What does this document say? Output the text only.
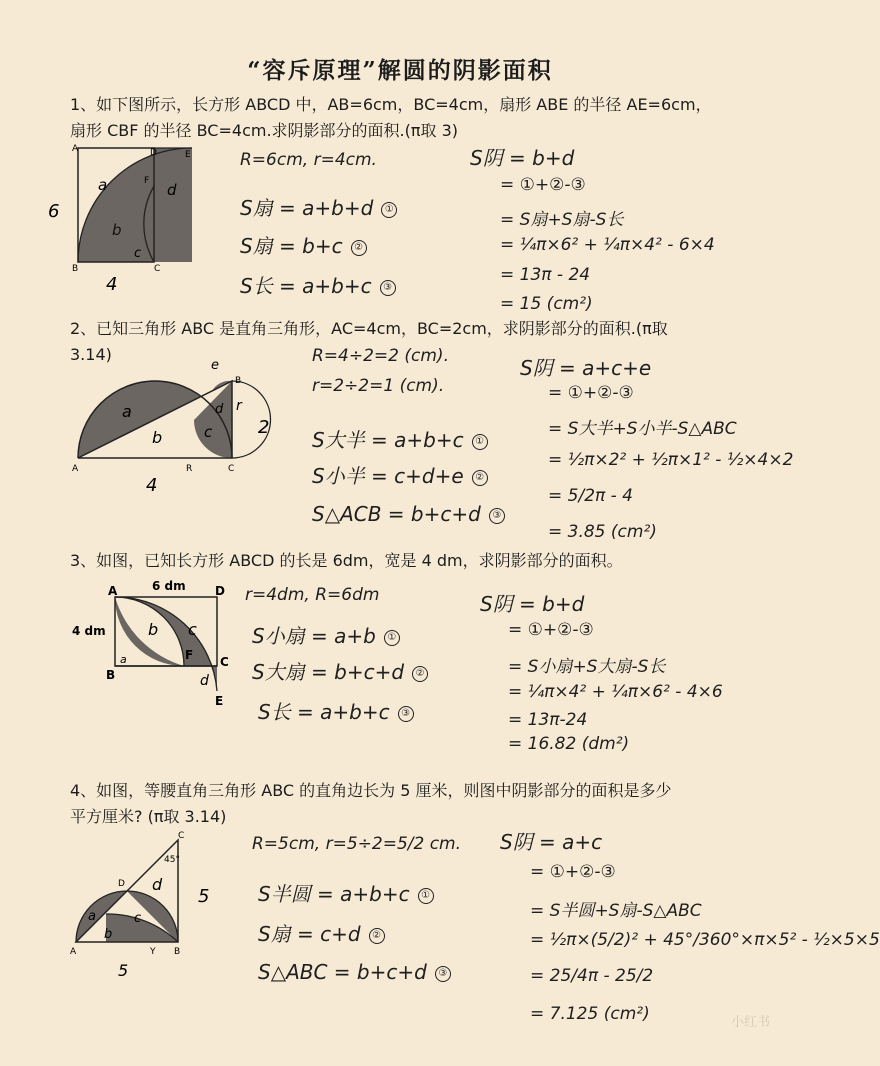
“容斥原理”解圆的阴影面积
1、如下图所示，长方形 ABCD 中，AB=6cm，BC=4cm，扇形 ABE 的半径 AE=6cm，
扇形 CBF 的半径 BC=4cm.求阴影部分的面积.(π取 3)
A	D	E
F
B	C
a
b
c
d
6
4
R=6cm, r=4cm.
S扇 = a+b+d ①
S扇 = b+c ②
S长 = a+b+c ③
S阴 = b+d
= ①+②-③
= S扇+S扇-S长
= ¼π×6² + ¼π×4² - 6×4
= 13π - 24
= 15 (cm²)
2、已知三角形 ABC 是直角三角形，AC=4cm，BC=2cm，求阴影部分的面积.(π取
3.14)
A	C
B
R
a
b	c
d
e
r
2
4
R=4÷2=2 (cm).
r=2÷2=1 (cm).
S大半 = a+b+c ①
S小半 = c+d+e ②
S△ACB = b+c+d ③
S阴 = a+c+e
= ①+②-③
= S大半+S小半-S△ABC
= ½π×2² + ½π×1² - ½×4×2
= 5/2π - 4
= 3.85 (cm²)
3、如图，已知长方形 ABCD 的长是 6dm，宽是 4 dm，求阴影部分的面积。
A	D
B
C
E
F
6 dm
4 dm
a
b c
d
r=4dm, R=6dm
S小扇 = a+b ①
S大扇 = b+c+d ②
S长 = a+b+c ③
S阴 = b+d
= ①+②-③
= S小扇+S大扇-S长
= ¼π×4² + ¼π×6² - 4×6
= 13π-24
= 16.82 (dm²)
4、如图，等腰直角三角形 ABC 的直角边长为 5 厘米，则图中阴影部分的面积是多少
平方厘米? (π取 3.14)
C
A	B
D
Y
45°
a
b
c
d
5
5
R=5cm, r=5÷2=5/2 cm.
S半圆 = a+b+c ①
S扇 = c+d ②
S△ABC = b+c+d ③
S阴 = a+c
= ①+②-③
= S半圆+S扇-S△ABC
= ½π×(5/2)² + 45°/360°×π×5² - ½×5×5
= 25/4π - 25/2
= 7.125 (cm²)	小红书
